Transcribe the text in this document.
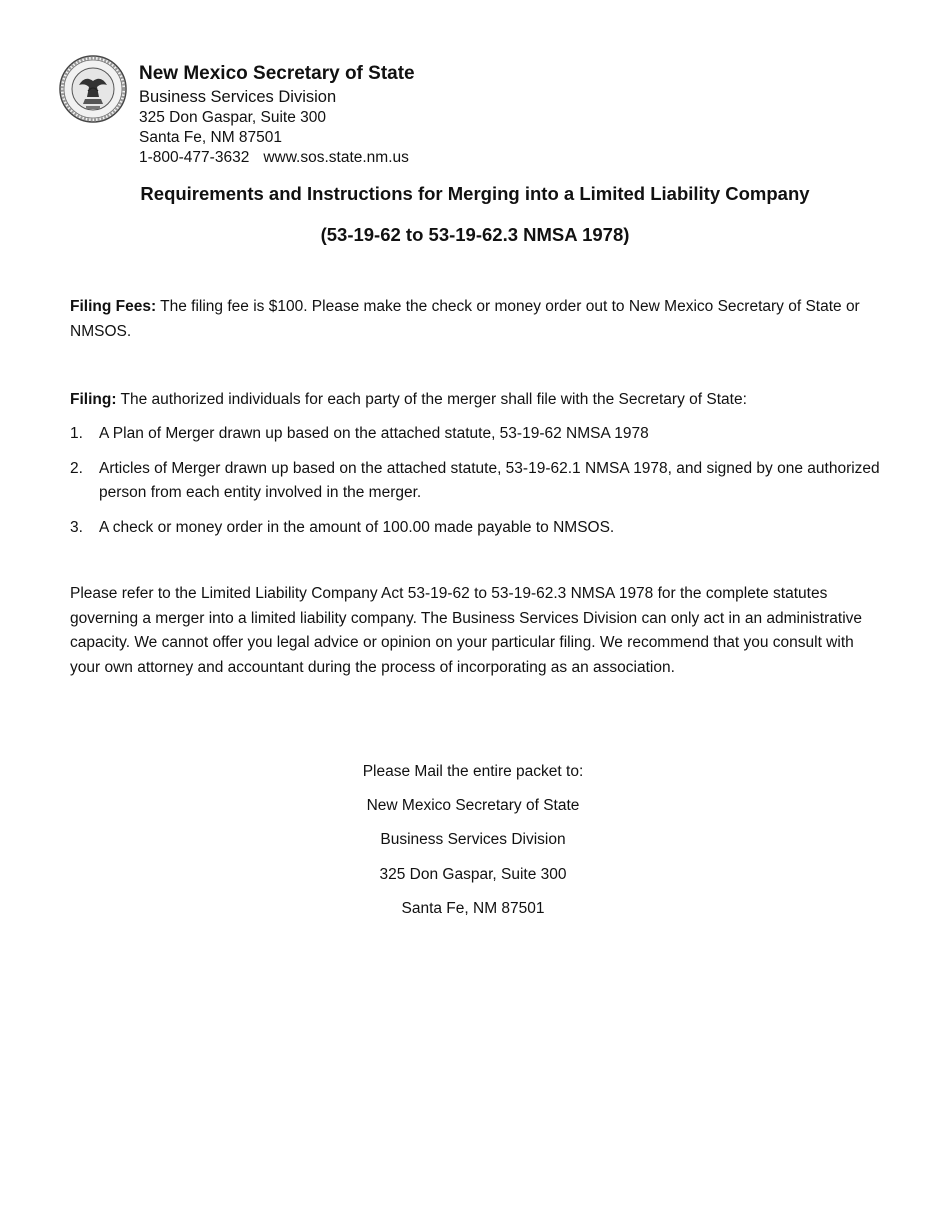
New Mexico Secretary of State
Business Services Division
325 Don Gaspar, Suite 300
Santa Fe, NM 87501
1-800-477-3632 www.sos.state.nm.us
Requirements and Instructions for Merging into a Limited Liability Company
(53-19-62 to 53-19-62.3 NMSA 1978)
Filing Fees: The filing fee is $100. Please make the check or money order out to New Mexico Secretary of State or NMSOS.
Filing: The authorized individuals for each party of the merger shall file with the Secretary of State:
1. A Plan of Merger drawn up based on the attached statute, 53-19-62 NMSA 1978
2. Articles of Merger drawn up based on the attached statute, 53-19-62.1 NMSA 1978, and signed by one authorized person from each entity involved in the merger.
3. A check or money order in the amount of 100.00 made payable to NMSOS.
Please refer to the Limited Liability Company Act 53-19-62 to 53-19-62.3 NMSA 1978 for the complete statutes governing a merger into a limited liability company. The Business Services Division can only act in an administrative capacity. We cannot offer you legal advice or opinion on your particular filing. We recommend that you consult with your own attorney and accountant during the process of incorporating as an association.
Please Mail the entire packet to:
New Mexico Secretary of State
Business Services Division
325 Don Gaspar, Suite 300
Santa Fe, NM 87501
